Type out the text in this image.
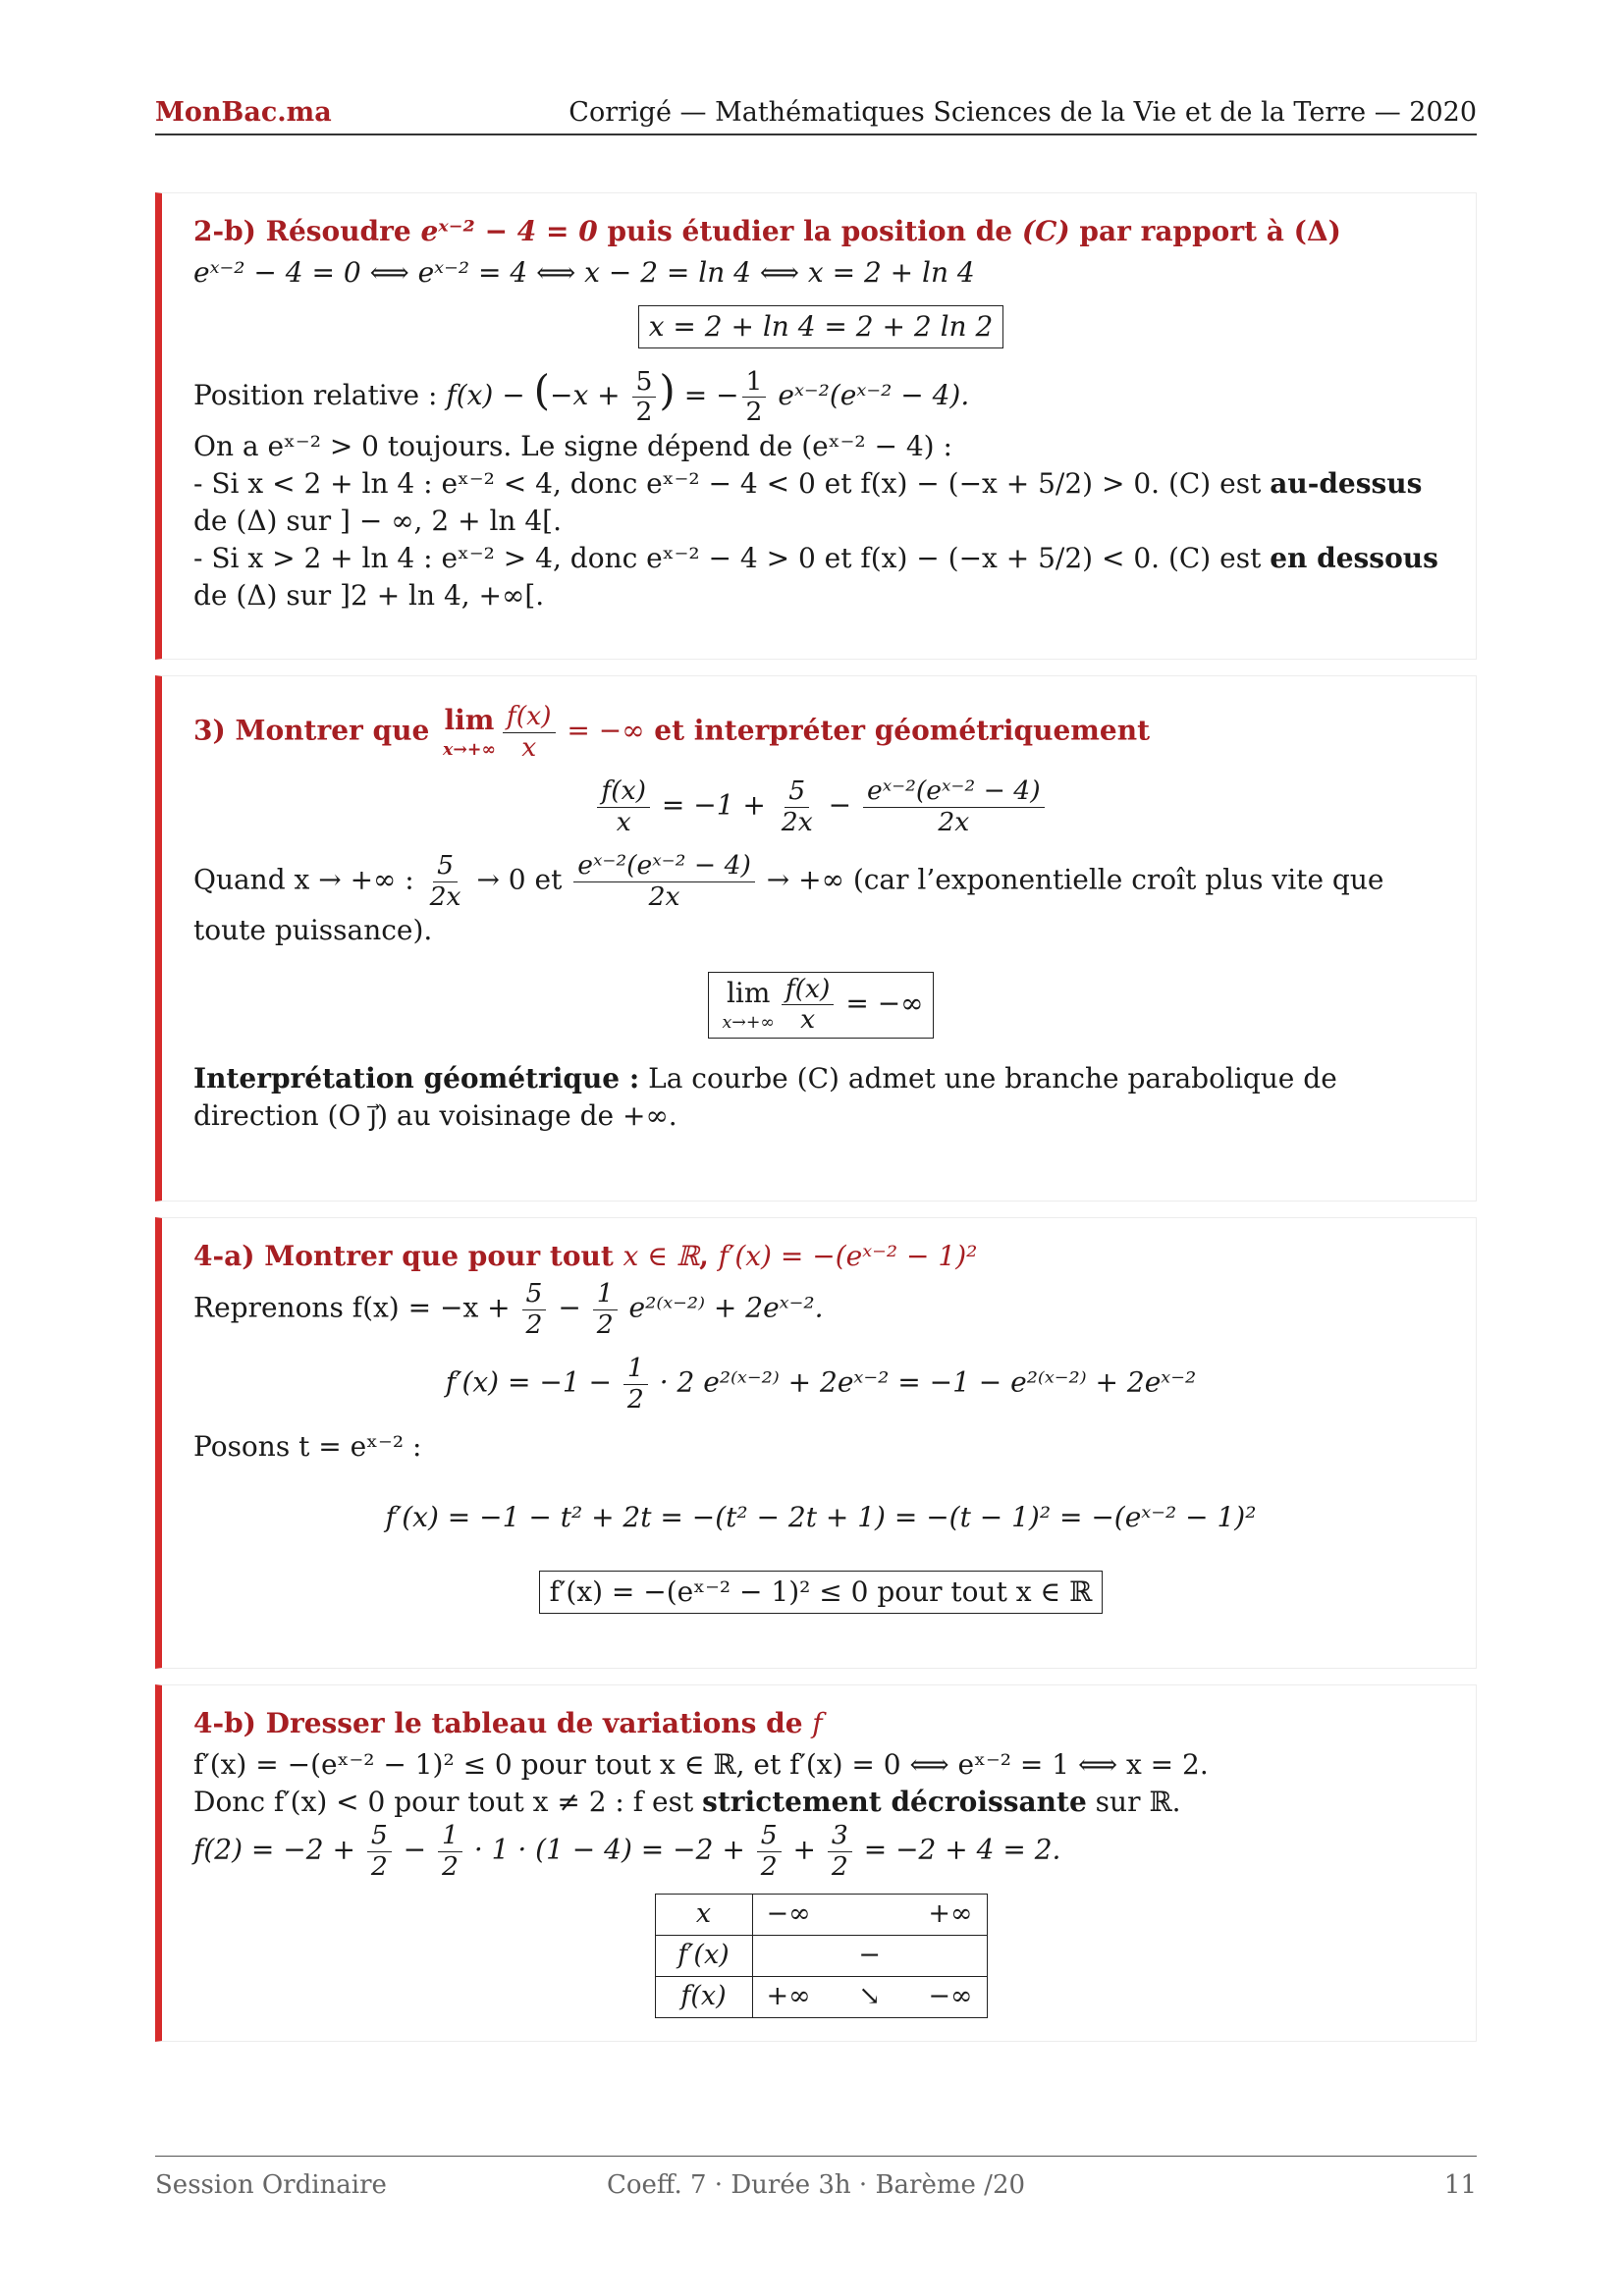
MonBac.ma	Corrigé — Mathématiques Sciences de la Vie et de la Terre — 2020

2-b) Résoudre eˣ⁻² − 4 = 0 puis étudier la position de (C) par rapport à (Δ)

eˣ⁻² − 4 = 0 ⟺ eˣ⁻² = 4 ⟺ x − 2 = ln 4 ⟺ x = 2 + ln 4

x = 2 + ln 4 = 2 + 2 ln 2

Position relative : $f(x) - (-x + \frac{5}{2}$ ) = − $\frac{1}{2}$ eˣ⁻²(eˣ⁻² − 4).

On a eˣ⁻² > 0 toujours. Le signe dépend de (eˣ⁻² − 4) :

- Si x < 2 + ln 4 : eˣ⁻² < 4, donc eˣ⁻² − 4 < 0 et f(x) − (−x + 5/2) > 0. (C) est au-dessus de (Δ) sur ] − ∞, 2 + ln 4[.

- Si x > 2 + ln 4 : eˣ⁻² > 4, donc eˣ⁻² − 4 > 0 et f(x) − (−x + 5/2) < 0. (C) est en dessous de (Δ) sur ]2 + ln 4, +∞[.

3) Montrer que lim
$x\to+\infty \frac{f(x)}{x}$ = −∞ et interpréter géométriquement

$\frac{f(x)}{x} = -1 + \frac{5}{2x} - \frac{\text{eˣ⁻²(eˣ⁻² − 4)}}{2x}$

Quand x → +∞ : $\frac{5}{2x} \to 0$ et $\frac{\text{eˣ⁻²(eˣ⁻² − 4)}}{2x}$ → +∞ (car l’exponentielle croît plus vite que toute puissance).

lim
$x\to+\infty \frac{f(x)}{x}$ = −∞

Interprétation géométrique : La courbe (C) admet une branche parabolique de direction (O j⃗) au voisinage de +∞.

4-a) Montrer que pour tout x ∈ ℝ, f′(x) = −(eˣ⁻² − 1)²

Reprenons $f(x) = -x + \frac{5}{2} - \frac{1}{2}$ e²⁽ˣ⁻²⁾ + 2eˣ⁻².

$f'(x) = -1 - \frac{1}{2} \cdot 2$ e²⁽ˣ⁻²⁾ + 2eˣ⁻² = −1 − e²⁽ˣ⁻²⁾ + 2eˣ⁻²

Posons t = eˣ⁻² :

f′(x) = −1 − t² + 2t = −(t² − 2t + 1) = −(t − 1)² = −(eˣ⁻² − 1)²
f′(x) = −(eˣ⁻² − 1)² ≤ 0 pour tout x ∈ ℝ

4-b) Dresser le tableau de variations de f

f′(x) = −(eˣ⁻² − 1)² ≤ 0 pour tout x ∈ ℝ, et f′(x) = 0 ⟺ eˣ⁻² = 1 ⟺ x = 2.

Donc f′(x) < 0 pour tout x ≠ 2 : f est strictement décroissante sur ℝ.

$f(2) = -2 + \frac{5}{2} - \frac{1}{2} \cdot 1 \cdot (1 - 4) = -2 + \frac{5}{2} + \frac{3}{2} = -2 + 4 = 2$.

x	−∞ +∞

f′(x)	−
f(x)	+∞ ↘ −∞
Session Ordinaire	Coeff. 7 · Durée 3h · Barème /20	11
